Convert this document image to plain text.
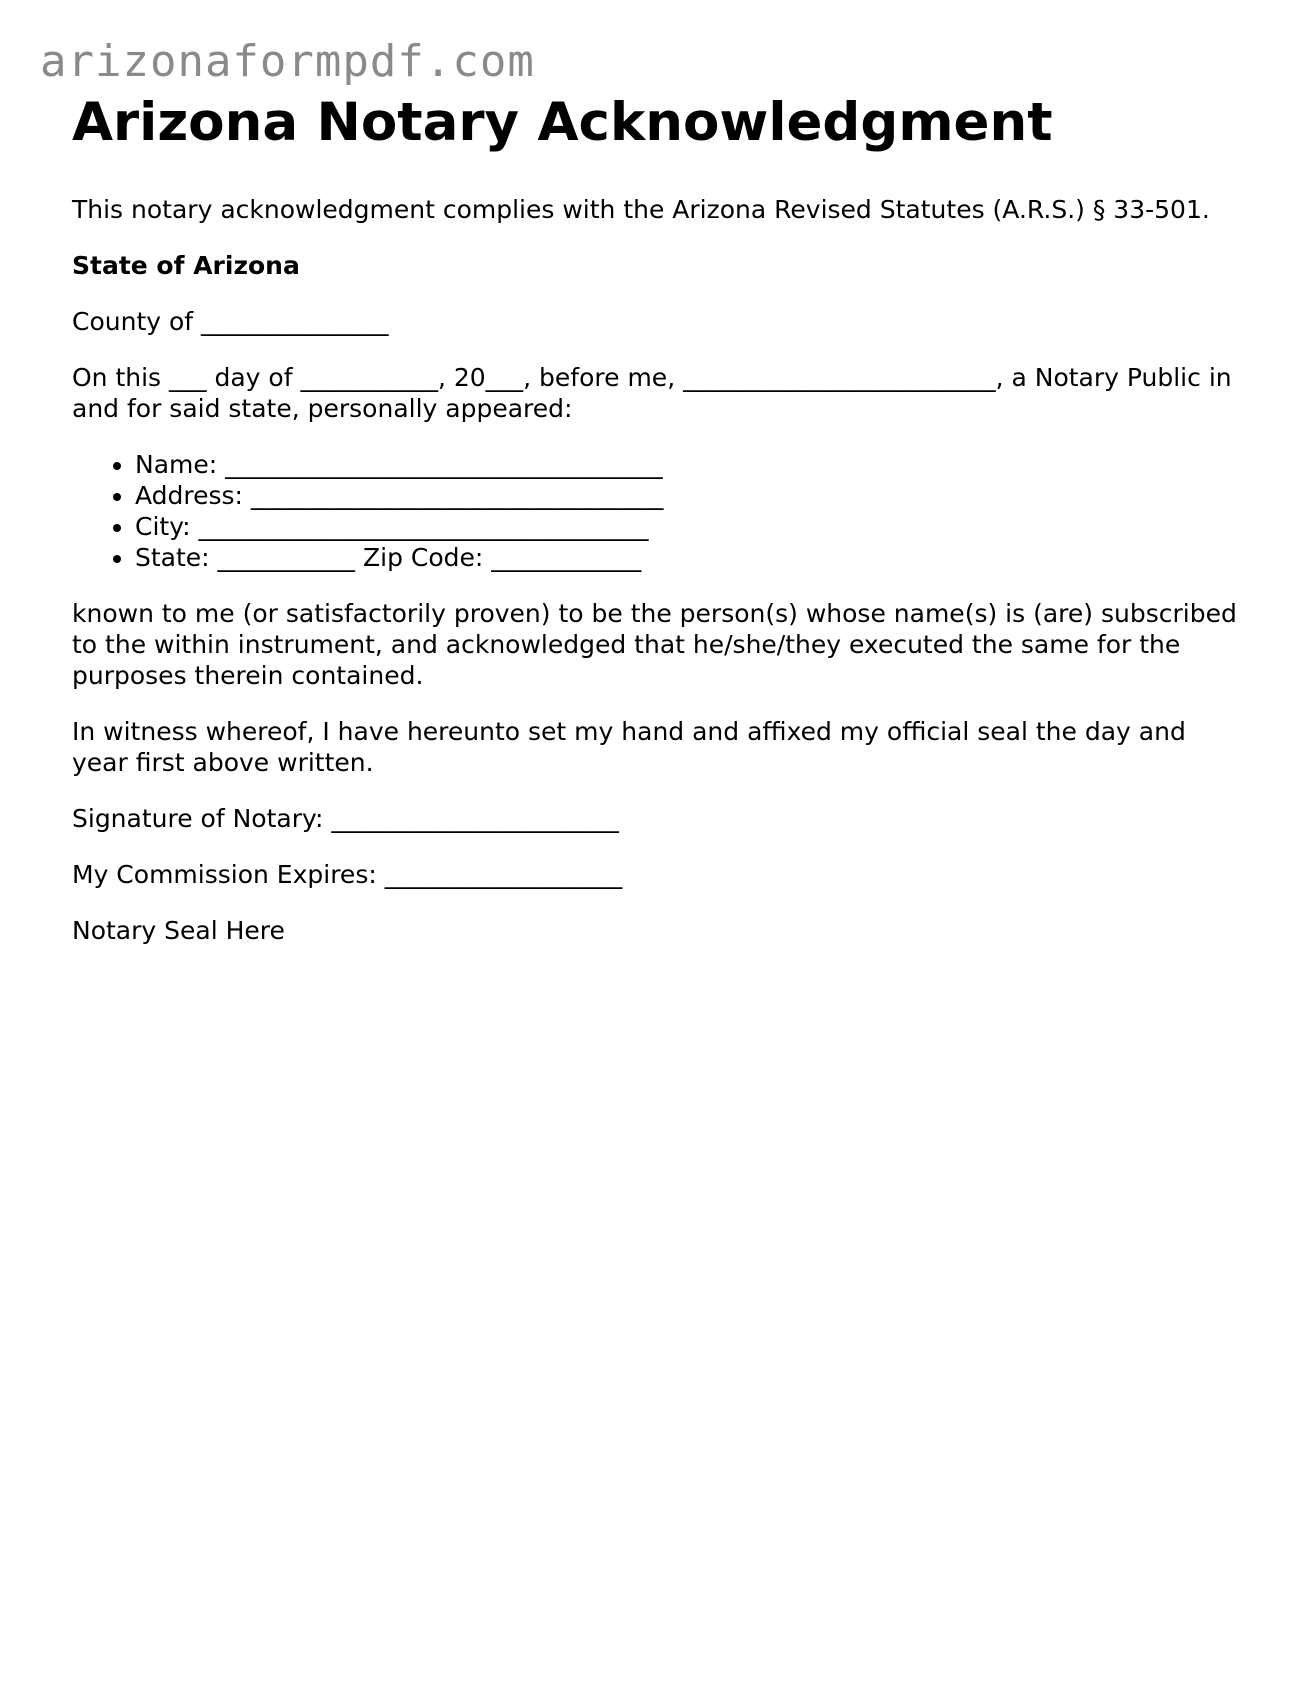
arizonaformpdf.com
Arizona Notary Acknowledgment

This notary acknowledgment complies with the Arizona Revised Statutes (A.R.S.) § 33-501.

State of Arizona

County of _______________

On this ___ day of ___________, 20___, before me, _________________________, a Notary Public in and for said state, personally appeared:

• Name: ___________________________________
• Address: _________________________________
• City: ____________________________________
• State: ___________ Zip Code: ____________

known to me (or satisfactorily proven) to be the person(s) whose name(s) is (are) subscribed to the within instrument, and acknowledged that he/she/they executed the same for the purposes therein contained.

In witness whereof, I have hereunto set my hand and affixed my official seal the day and year first above written.

Signature of Notary: _______________________

My Commission Expires: ___________________

Notary Seal Here
